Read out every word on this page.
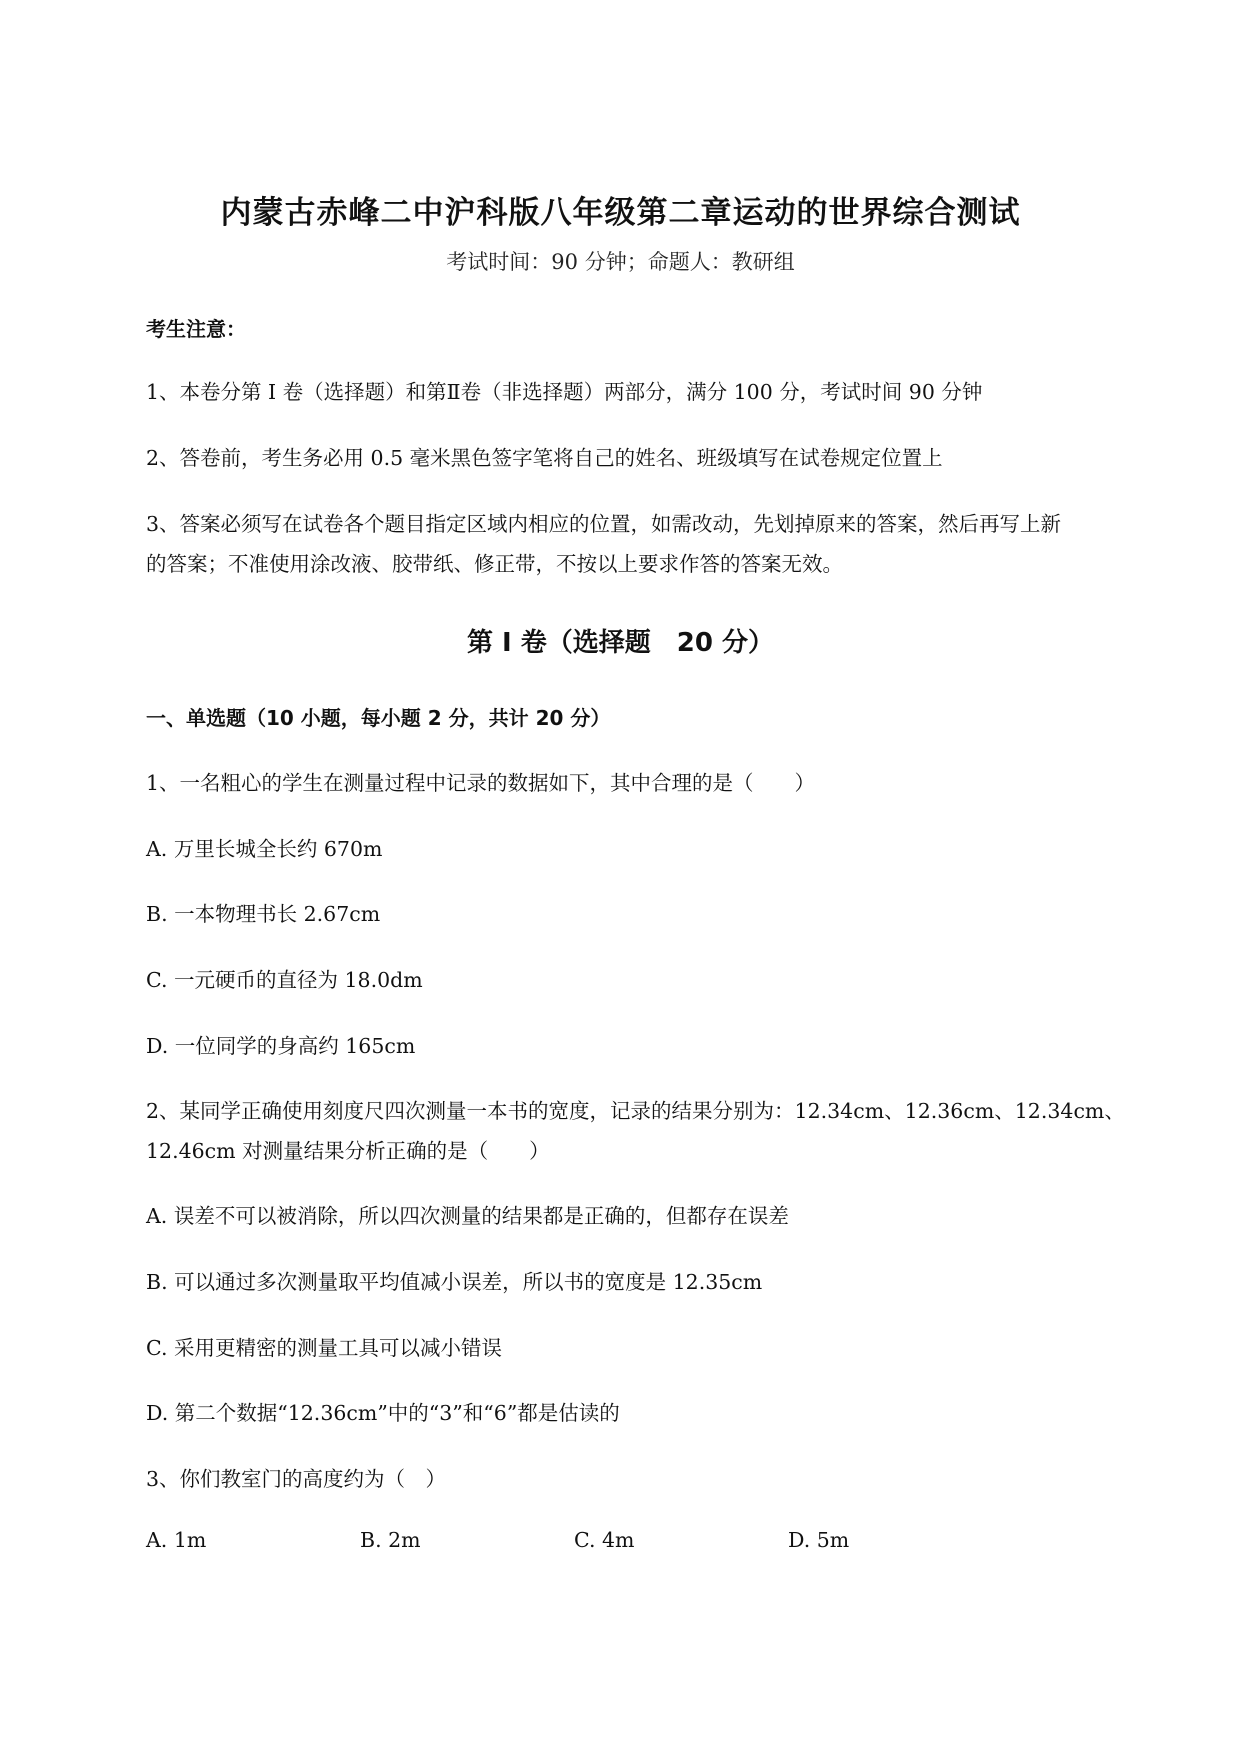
内蒙古赤峰二中沪科版八年级第二章运动的世界综合测试
考试时间：90 分钟；命题人：教研组
考生注意：
1、本卷分第 I 卷（选择题）和第Ⅱ卷（非选择题）两部分，满分 100 分，考试时间 90 分钟
2、答卷前，考生务必用 0.5 毫米黑色签字笔将自己的姓名、班级填写在试卷规定位置上
3、答案必须写在试卷各个题目指定区域内相应的位置，如需改动，先划掉原来的答案，然后再写上新
的答案；不准使用涂改液、胶带纸、修正带，不按以上要求作答的答案无效。
第 I 卷（选择题　20 分）
一、单选题（10 小题，每小题 2 分，共计 20 分）
1、一名粗心的学生在测量过程中记录的数据如下，其中合理的是（　　）
A. 万里长城全长约 670m
B. 一本物理书长 2.67cm
C. 一元硬币的直径为 18.0dm
D. 一位同学的身高约 165cm
2、某同学正确使用刻度尺四次测量一本书的宽度，记录的结果分别为：12.34cm、12.36cm、12.34cm、
12.46cm 对测量结果分析正确的是（　　）
A. 误差不可以被消除，所以四次测量的结果都是正确的，但都存在误差
B. 可以通过多次测量取平均值减小误差，所以书的宽度是 12.35cm
C. 采用更精密的测量工具可以减小错误
D. 第二个数据“12.36cm”中的“3”和“6”都是估读的
3、你们教室门的高度约为（　）
A. 1m	B. 2m	C. 4m	D. 5m
